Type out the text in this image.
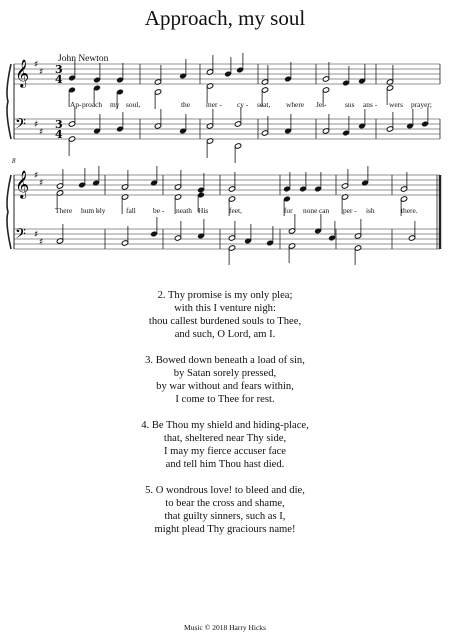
Approach, my soul
John Newton
𝄞
𝄢
♯
♯
♯
♯
3
4
3
4
𝄞
𝄢
♯
♯
♯
♯
Ap- proach my soul,	the mer - cy - seat, where Je -	sus ans - wers prayer;
There hum -
bly	fall be - neath His	feet,	for none can per - ish	there.
8
2. Thy promise is my only plea;
with this I venture nigh:
thou callest burdened souls to Thee,
and such, O Lord, am I.
3. Bowed down beneath a load of sin,
by Satan sorely pressed,
by war without and fears within,
I come to Thee for rest.
4. Be Thou my shield and hiding-place,
that, sheltered near Thy side,
I may my fierce accuser face
and tell him Thou hast died.
5. O wondrous love! to bleed and die,
to bear the cross and shame,
that guilty sinners, such as I,
might plead Thy graciours name!
Music © 2018 Harry Hicks
